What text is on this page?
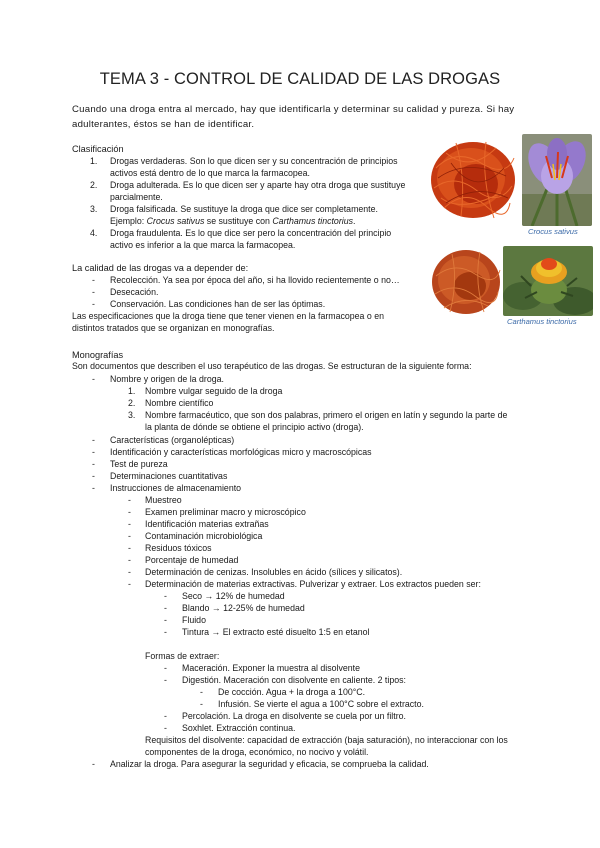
TEMA 3 - CONTROL DE CALIDAD DE LAS DROGAS
Cuando una droga entra al mercado, hay que identificarla y determinar su calidad y pureza. Si hay adulterantes, éstos se han de identificar.
Clasificación
1. Drogas verdaderas. Son lo que dicen ser y su concentración de principios
activos está dentro de lo que marca la farmacopea.
2. Droga adulterada. Es lo que dicen ser y aparte hay otra droga que sustituye
parcialmente.
3. Droga falsificada. Se sustituye la droga que dice ser completamente.
Ejemplo: Crocus sativus se sustituye con Carthamus tinctorius.
4. Droga fraudulenta. Es lo que dice ser pero la concentración del principio
activo es inferior a la que marca la farmacopea.
Crocus sativus
Carthamus tinctorius
La calidad de las drogas va a depender de:
- Recolección. Ya sea por época del año, si ha llovido recientemente o no…
- Desecación.
- Conservación. Las condiciones han de ser las óptimas.
Las especificaciones que la droga tiene que tener vienen en la farmacopea o en
distintos tratados que se organizan en monografías.
Monografías
Son documentos que describen el uso terapéutico de las drogas. Se estructuran de la siguiente forma:
- Nombre y origen de la droga.
1. Nombre vulgar seguido de la droga
2. Nombre científico
3. Nombre farmacéutico, que son dos palabras, primero el origen en latín y segundo la parte de
la planta de dónde se obtiene el principio activo (droga).
- Características (organolépticas)
- Identificación y características morfológicas micro y macroscópicas
- Test de pureza
- Determinaciones cuantitativas
- Instrucciones de almacenamiento
- Muestreo
- Examen preliminar macro y microscópico
- Identificación materias extrañas
- Contaminación microbiológica
- Residuos tóxicos
- Porcentaje de humedad
- Determinación de cenizas. Insolubles en ácido (sílices y silicatos).
- Determinación de materias extractivas. Pulverizar y extraer. Los extractos pueden ser:
- Seco → 12% de humedad
- Blando → 12-25% de humedad
- Fluido
- Tintura → El extracto esté disuelto 1:5 en etanol
Formas de extraer:
- Maceración. Exponer la muestra al disolvente
- Digestión. Maceración con disolvente en caliente. 2 tipos:
- De cocción. Agua + la droga a 100°C.
- Infusión. Se vierte el agua a 100°C sobre el extracto.
- Percolación. La droga en disolvente se cuela por un filtro.
- Soxhlet. Extracción continua.
Requisitos del disolvente: capacidad de extracción (baja saturación), no interaccionar con los
componentes de la droga, económico, no nocivo y volátil.
- Analizar la droga. Para asegurar la seguridad y eficacia, se comprueba la calidad.
